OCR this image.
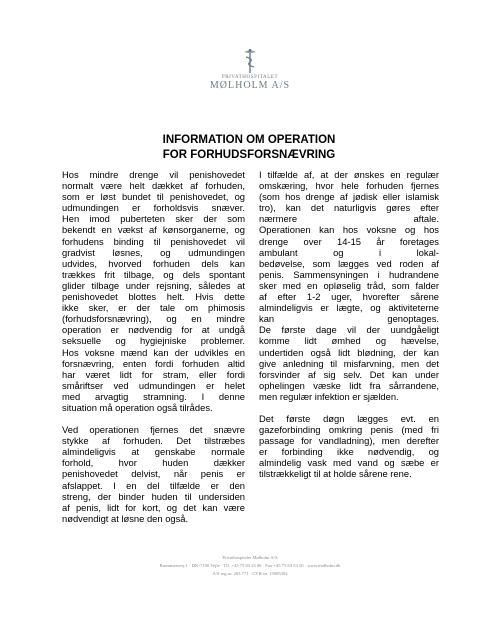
PRIVATHOSPITALET
MØLHOLM A/S
INFORMATION OM OPERATION
FOR FORHUDSFORSNÆVRING

Hos mindre drenge vil penishovedet
normalt være helt dækket af forhuden,
som er løst bundet til penishovedet, og
udmundingen er forholdsvis snæver.
Hen imod puberteten sker der som
bekendt en vækst af kønsorganerne, og
forhudens binding til penishovedet vil
gradvist løsnes, og udmundingen
udvides, hvorved forhuden dels kan
trækkes frit tilbage, og dels spontant
glider tilbage under rejsning, således at
penishovedet blottes helt. Hvis dette
ikke sker, er der tale om phimosis
(forhudsforsnævring), og en mindre
operation er nødvendig for at undgå
seksuelle og hygiejniske problemer.
Hos voksne mænd kan der udvikles en
forsnævring, enten fordi forhuden altid
har været lidt for stram, eller fordi
småriftser ved udmundingen er helet
med arvagtig stramning. I denne
situation må operation også tilrådes.

Ved operationen fjernes det snævre
stykke af forhuden. Det tilstræbes
almindeligvis at genskabe normale
forhold, hvor huden dækker
penishovedet delvist, når penis er
afslappet. I en del tilfælde er den
streng, der binder huden til undersiden
af penis, lidt for kort, og det kan være
nødvendigt at løsne den også.

I tilfælde af, at der ønskes en regulær
omskæring, hvor hele forhuden fjernes
(som hos drenge af jødisk eller islamisk
tro), kan det naturligvis gøres efter
nærmere aftale.
Operationen kan hos voksne og hos
drenge over 14-15 år foretages
ambulant og i lokal-
bedøvelse, som lægges ved roden af
penis. Sammensyningen i hudrandene
sker med en opløselig tråd, som falder
af efter 1-2 uger, hvorefter sårene
almindeligvis er lægte, og aktiviteterne
kan genoptages.
De første dage vil der uundgåeligt
komme lidt ømhed og hævelse,
undertiden også lidt blødning, der kan
give anledning til misfarvning, men det
forsvinder af sig selv. Det kan under
ophelingen væske lidt fra sårrandene,
men regulær infektion er sjælden.

Det første døgn lægges evt. en
gazeforbinding omkring penis (med fri
passage for vandladning), men derefter
er forbinding ikke nødvendig, og
almindelig vask med vand og sæbe er
tilstrækkeligt til at holde sårene rene.

Privathospitalet Mølholm A/S
Brummersvej 1 · DK-7100 Vejle · Tlf. +45 75 83 23 00 · Fax +45 75 83 53 50 · www.molholm.dk
A/S reg.nr. 203.771 · CVR-nr. 15085302
